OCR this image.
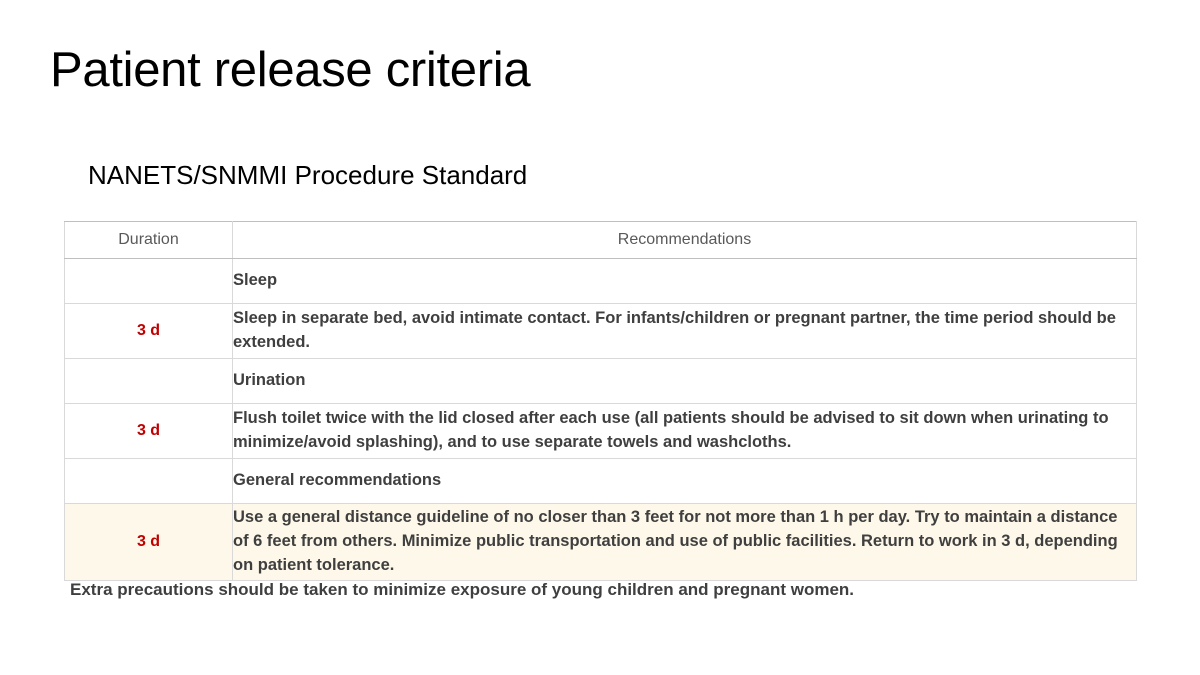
Patient release criteria
NANETS/SNMMI Procedure Standard
Duration	Recommendations
	Sleep
3 d	Sleep in separate bed, avoid intimate contact. For infants/children or pregnant partner, the time period should be extended.
	Urination
3 d	Flush toilet twice with the lid closed after each use (all patients should be advised to sit down when urinating to minimize/avoid splashing), and to use separate towels and washcloths.
	General recommendations
3 d	Use a general distance guideline of no closer than 3 feet for not more than 1 h per day. Try to maintain a distance of 6 feet from others. Minimize public transportation and use of public facilities. Return to work in 3 d, depending on patient tolerance.
Extra precautions should be taken to minimize exposure of young children and pregnant women.
